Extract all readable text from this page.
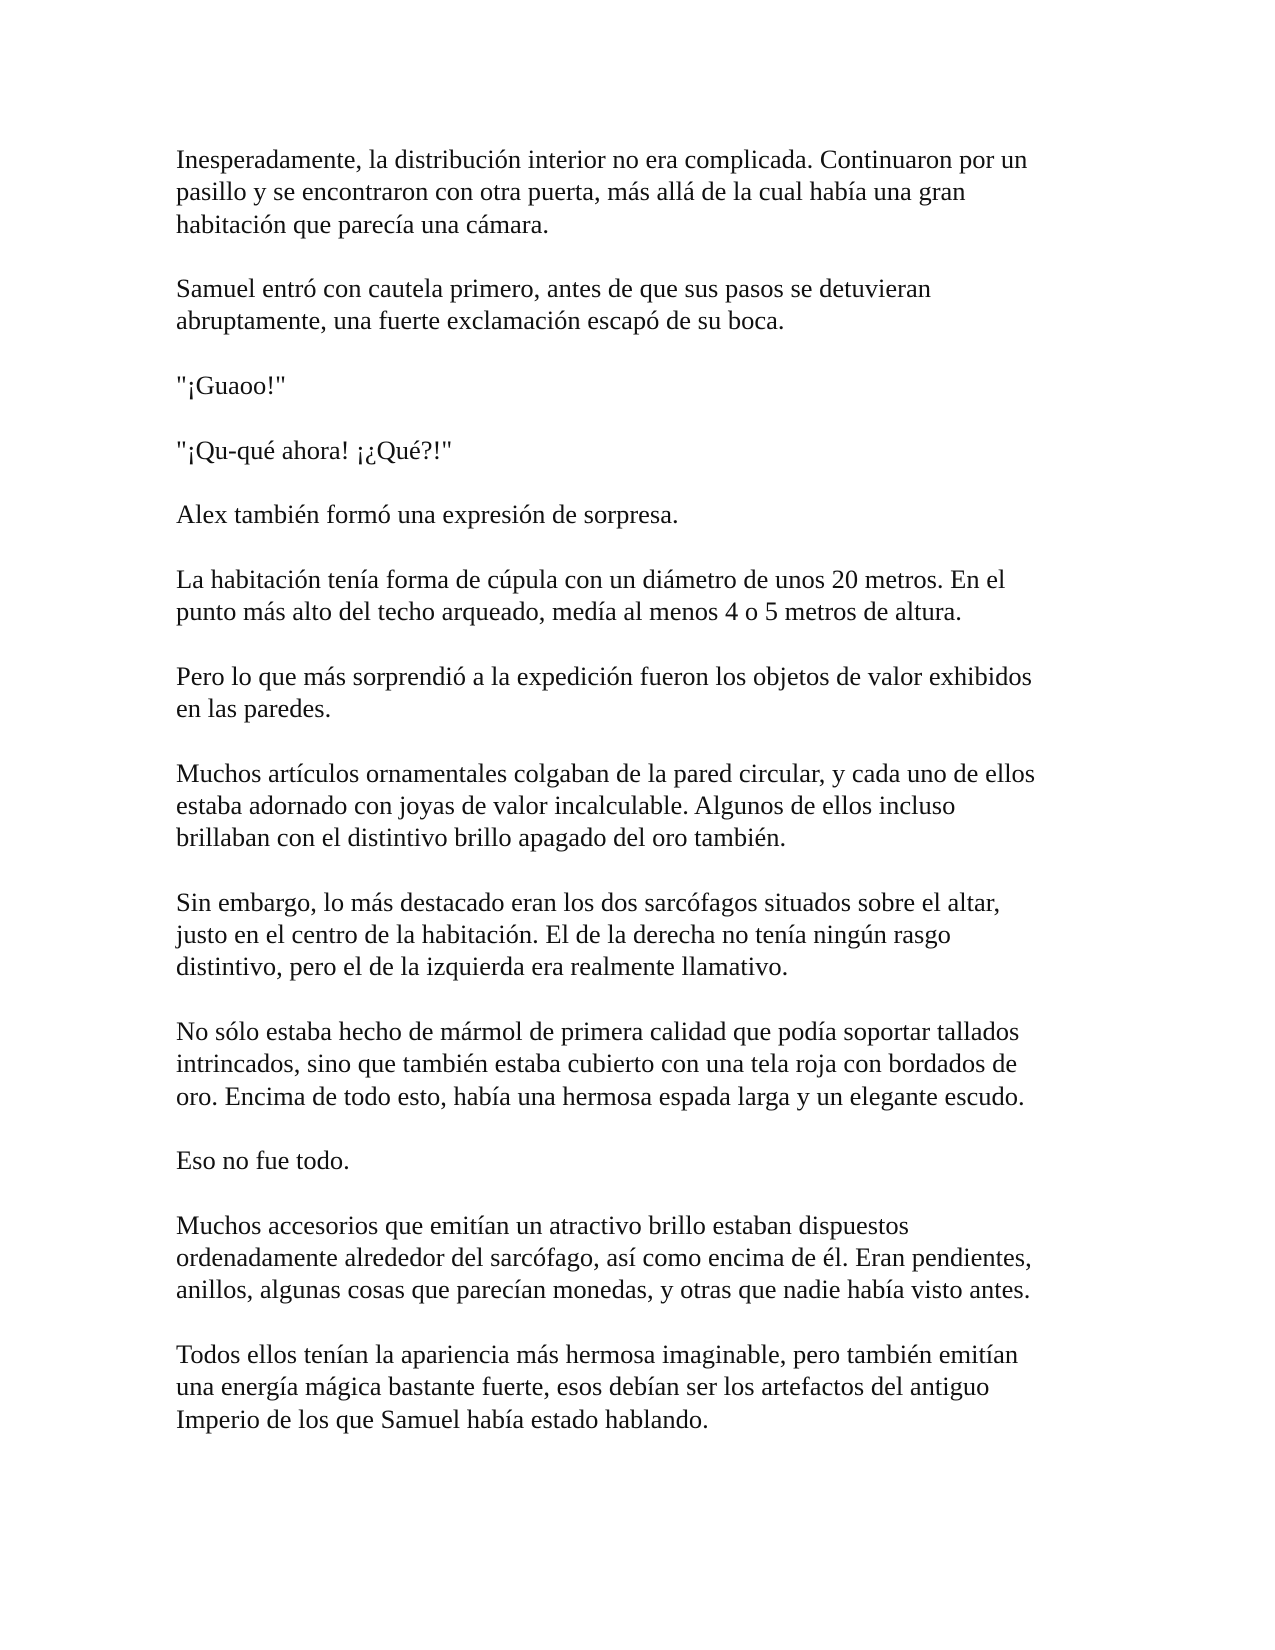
Inesperadamente, la distribución interior no era complicada. Continuaron por un
pasillo y se encontraron con otra puerta, más allá de la cual había una gran
habitación que parecía una cámara.

Samuel entró con cautela primero, antes de que sus pasos se detuvieran
abruptamente, una fuerte exclamación escapó de su boca.

"¡Guaoo!"

"¡Qu-qué ahora! ¡¿Qué?!"

Alex también formó una expresión de sorpresa.

La habitación tenía forma de cúpula con un diámetro de unos 20 metros. En el
punto más alto del techo arqueado, medía al menos 4 o 5 metros de altura.

Pero lo que más sorprendió a la expedición fueron los objetos de valor exhibidos
en las paredes.

Muchos artículos ornamentales colgaban de la pared circular, y cada uno de ellos
estaba adornado con joyas de valor incalculable. Algunos de ellos incluso
brillaban con el distintivo brillo apagado del oro también.

Sin embargo, lo más destacado eran los dos sarcófagos situados sobre el altar,
justo en el centro de la habitación. El de la derecha no tenía ningún rasgo
distintivo, pero el de la izquierda era realmente llamativo.

No sólo estaba hecho de mármol de primera calidad que podía soportar tallados
intrincados, sino que también estaba cubierto con una tela roja con bordados de
oro. Encima de todo esto, había una hermosa espada larga y un elegante escudo.

Eso no fue todo.

Muchos accesorios que emitían un atractivo brillo estaban dispuestos
ordenadamente alrededor del sarcófago, así como encima de él. Eran pendientes,
anillos, algunas cosas que parecían monedas, y otras que nadie había visto antes.

Todos ellos tenían la apariencia más hermosa imaginable, pero también emitían
una energía mágica bastante fuerte, esos debían ser los artefactos del antiguo
Imperio de los que Samuel había estado hablando.
